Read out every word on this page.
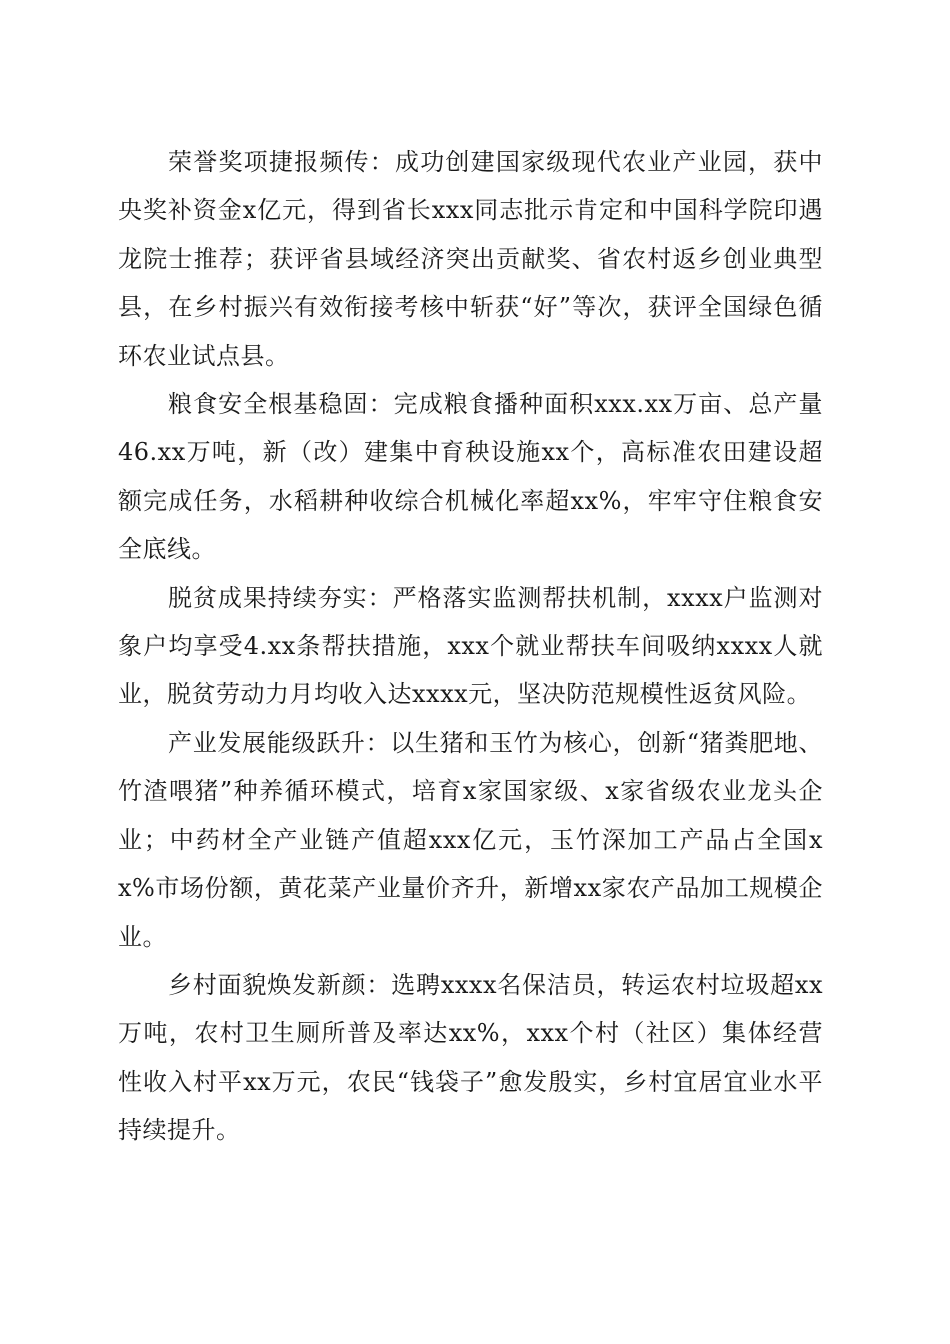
荣誉奖项捷报频传：成功创建国家级现代农业产业园，获中央奖补资金x亿元，得到省长xxx同志批示肯定和中国科学院印遇龙院士推荐；获评省县域经济突出贡献奖、省农村返乡创业典型县，在乡村振兴有效衔接考核中斩获“好”等次，获评全国绿色循环农业试点县。

粮食安全根基稳固：完成粮食播种面积xxx.xx万亩、总产量46.xx万吨，新（改）建集中育秧设施xx个，高标准农田建设超额完成任务，水稻耕种收综合机械化率超xx%，牢牢守住粮食安全底线。

脱贫成果持续夯实：严格落实监测帮扶机制，xxxx户监测对象户均享受4.xx条帮扶措施，xxx个就业帮扶车间吸纳xxxx人就业，脱贫劳动力月均收入达xxxx元，坚决防范规模性返贫风险。

产业发展能级跃升：以生猪和玉竹为核心，创新“猪粪肥地、竹渣喂猪”种养循环模式，培育x家国家级、x家省级农业龙头企业；中药材全产业链产值超xxx亿元，玉竹深加工产品占全国xx%市场份额，黄花菜产业量价齐升，新增xx家农产品加工规模企业。

乡村面貌焕发新颜：选聘xxxx名保洁员，转运农村垃圾超xx万吨，农村卫生厕所普及率达xx%，xxx个村（社区）集体经营性收入村平xx万元，农民“钱袋子”愈发殷实，乡村宜居宜业水平持续提升。
